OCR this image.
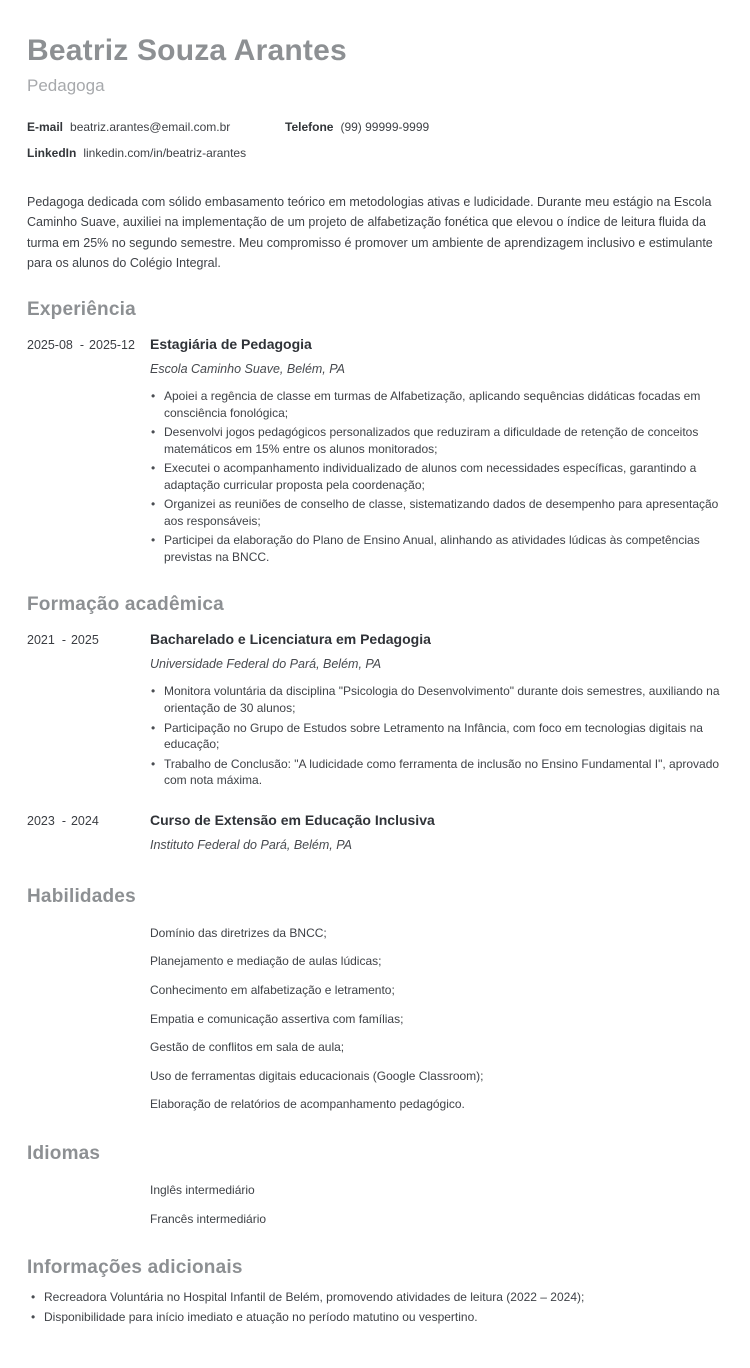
Beatriz Souza Arantes
Pedagoga
E-mail beatriz.arantes@email.com.br	Telefone (99) 99999-9999
LinkedIn linkedin.com/in/beatriz-arantes

Pedagoga dedicada com sólido embasamento teórico em metodologias ativas e ludicidade. Durante meu estágio na Escola Caminho Suave, auxiliei na implementação de um projeto de alfabetização fonética que elevou o índice de leitura fluida da turma em 25% no segundo semestre. Meu compromisso é promover um ambiente de aprendizagem inclusivo e estimulante para os alunos do Colégio Integral.

Experiência
2025-08 - 2025-12	Estagiária de Pedagogia
Escola Caminho Suave, Belém, PA
• Apoiei a regência de classe em turmas de Alfabetização, aplicando sequências didáticas focadas em consciência fonológica;
• Desenvolvi jogos pedagógicos personalizados que reduziram a dificuldade de retenção de conceitos matemáticos em 15% entre os alunos monitorados;
• Executei o acompanhamento individualizado de alunos com necessidades específicas, garantindo a adaptação curricular proposta pela coordenação;
• Organizei as reuniões de conselho de classe, sistematizando dados de desempenho para apresentação aos responsáveis;
• Participei da elaboração do Plano de Ensino Anual, alinhando as atividades lúdicas às competências previstas na BNCC.
Formação acadêmica
2021 - 2025	Bacharelado e Licenciatura em Pedagogia
Universidade Federal do Pará, Belém, PA
• Monitora voluntária da disciplina "Psicologia do Desenvolvimento" durante dois semestres, auxiliando na orientação de 30 alunos;
• Participação no Grupo de Estudos sobre Letramento na Infância, com foco em tecnologias digitais na educação;
• Trabalho de Conclusão: "A ludicidade como ferramenta de inclusão no Ensino Fundamental I", aprovado com nota máxima.
2023 - 2024	Curso de Extensão em Educação Inclusiva
Instituto Federal do Pará, Belém, PA
Habilidades
Domínio das diretrizes da BNCC;
Planejamento e mediação de aulas lúdicas;
Conhecimento em alfabetização e letramento;
Empatia e comunicação assertiva com famílias;
Gestão de conflitos em sala de aula;
Uso de ferramentas digitais educacionais (Google Classroom);
Elaboração de relatórios de acompanhamento pedagógico.
Idiomas
Inglês intermediário
Francês intermediário
Informações adicionais
• Recreadora Voluntária no Hospital Infantil de Belém, promovendo atividades de leitura (2022 – 2024);
• Disponibilidade para início imediato e atuação no período matutino ou vespertino.
